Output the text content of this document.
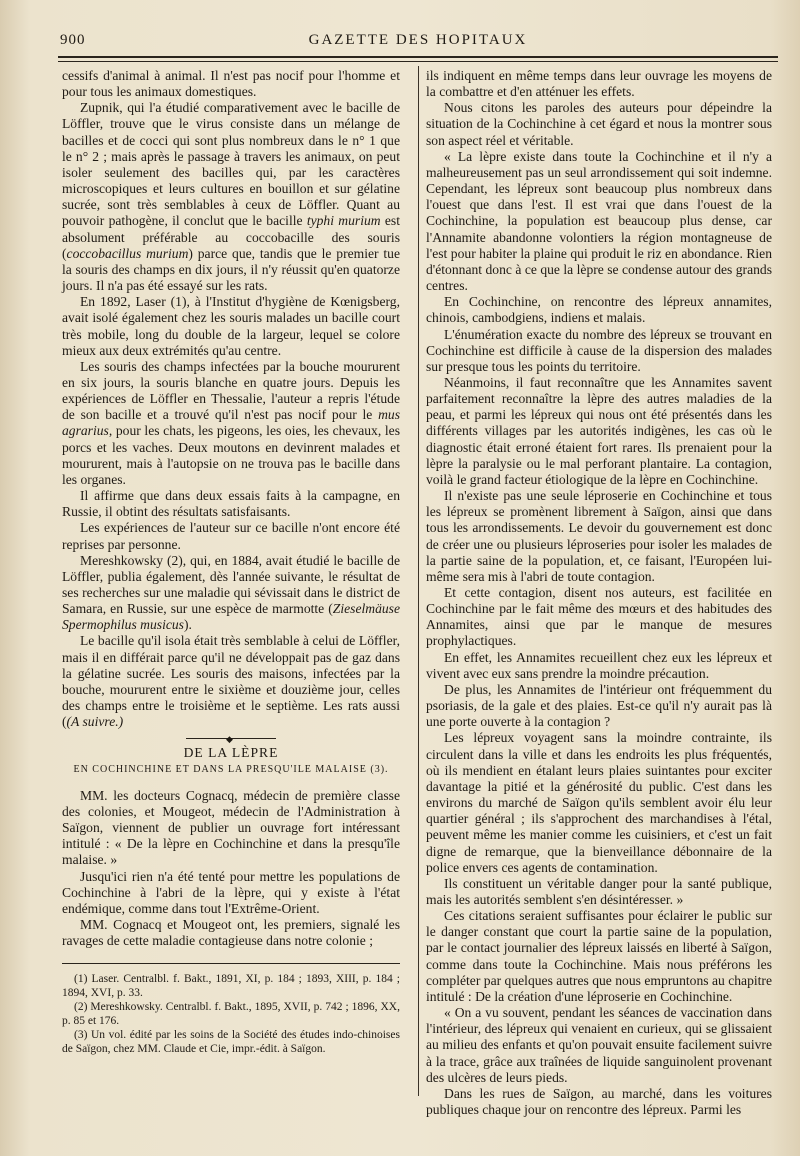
900	GAZETTE DES HOPITAUX

cessifs d'animal à animal. Il n'est pas nocif pour l'homme et pour tous les animaux domestiques.

Zupnik, qui l'a étudié comparativement avec le bacille de Löffler, trouve que le virus consiste dans un mélange de bacilles et de cocci qui sont plus nombreux dans le n° 1 que le n° 2 ; mais après le passage à travers les animaux, on peut isoler seulement des bacilles qui, par les caractères microscopiques et leurs cultures en bouillon et sur gélatine sucrée, sont très semblables à ceux de Löffler. Quant au pouvoir pathogène, il conclut que le bacille typhi murium est absolument préférable au coccobacille des souris (coccobacillus murium) parce que, tandis que le premier tue la souris des champs en dix jours, il n'y réussit qu'en quatorze jours. Il n'a pas été essayé sur les rats.

En 1892, Laser (1), à l'Institut d'hygiène de Kœnigsberg, avait isolé également chez les souris malades un bacille court très mobile, long du double de la largeur, lequel se colore mieux aux deux extrémités qu'au centre.

Les souris des champs infectées par la bouche moururent en six jours, la souris blanche en quatre jours. Depuis les expériences de Löffler en Thessalie, l'auteur a repris l'étude de son bacille et a trouvé qu'il n'est pas nocif pour le mus agrarius, pour les chats, les pigeons, les oies, les chevaux, les porcs et les vaches. Deux moutons en devinrent malades et moururent, mais à l'autopsie on ne trouva pas le bacille dans les organes.

Il affirme que dans deux essais faits à la campagne, en Russie, il obtint des résultats satisfaisants.

Les expériences de l'auteur sur ce bacille n'ont encore été reprises par personne.

Mereshkowsky (2), qui, en 1884, avait étudié le bacille de Löffler, publia également, dès l'année suivante, le résultat de ses recherches sur une maladie qui sévissait dans le district de Samara, en Russie, sur une espèce de marmotte (Zieselmäuse Spermophilus musicus).

Le bacille qu'il isola était très semblable à celui de Löffler, mais il en différait parce qu'il ne développait pas de gaz dans la gélatine sucrée. Les souris des maisons, infectées par la bouche, moururent entre le sixième et douzième jour, celles des champs entre le troisième et le septième. Les rats aussi ((A suivre.)

◆
DE LA LÈPRE
EN COCHINCHINE ET DANS LA PRESQU'ILE MALAISE (3).

MM. les docteurs Cognacq, médecin de première classe des colonies, et Mougeot, médecin de l'Administration à Saïgon, viennent de publier un ouvrage fort intéressant intitulé : « De la lèpre en Cochinchine et dans la presqu'île malaise. »

Jusqu'ici rien n'a été tenté pour mettre les populations de Cochinchine à l'abri de la lèpre, qui y existe à l'état endémique, comme dans tout l'Extrême-Orient.

MM. Cognacq et Mougeot ont, les premiers, signalé les ravages de cette maladie contagieuse dans notre colonie ;

(1) Laser. Centralbl. f. Bakt., 1891, XI, p. 184 ; 1893, XIII, p. 184 ; 1894, XVI, p. 33.

(2) Mereshkowsky. Centralbl. f. Bakt., 1895, XVII, p. 742 ; 1896, XX, p. 85 et 176.

(3) Un vol. édité par les soins de la Société des études indo-chinoises de Saïgon, chez MM. Claude et Cie, impr.-édit. à Saïgon.

ils indiquent en même temps dans leur ouvrage les moyens de la combattre et d'en atténuer les effets.

Nous citons les paroles des auteurs pour dépeindre la situation de la Cochinchine à cet égard et nous la montrer sous son aspect réel et véritable.

« La lèpre existe dans toute la Cochinchine et il n'y a malheureusement pas un seul arrondissement qui soit indemne. Cependant, les lépreux sont beaucoup plus nombreux dans l'ouest que dans l'est. Il est vrai que dans l'ouest de la Cochinchine, la population est beaucoup plus dense, car l'Annamite abandonne volontiers la région montagneuse de l'est pour habiter la plaine qui produit le riz en abondance. Rien d'étonnant donc à ce que la lèpre se condense autour des grands centres.

En Cochinchine, on rencontre des lépreux annamites, chinois, cambodgiens, indiens et malais.

L'énumération exacte du nombre des lépreux se trouvant en Cochinchine est difficile à cause de la dispersion des malades sur presque tous les points du territoire.

Néanmoins, il faut reconnaître que les Annamites savent parfaitement reconnaître la lèpre des autres maladies de la peau, et parmi les lépreux qui nous ont été présentés dans les différents villages par les autorités indigènes, les cas où le diagnostic était erroné étaient fort rares. Ils prenaient pour la lèpre la paralysie ou le mal perforant plantaire. La contagion, voilà le grand facteur étiologique de la lèpre en Cochinchine.

Il n'existe pas une seule léproserie en Cochinchine et tous les lépreux se promènent librement à Saïgon, ainsi que dans tous les arrondissements. Le devoir du gouvernement est donc de créer une ou plusieurs léproseries pour isoler les malades de la partie saine de la population, et, ce faisant, l'Européen lui-même sera mis à l'abri de toute contagion.

Et cette contagion, disent nos auteurs, est facilitée en Cochinchine par le fait même des mœurs et des habitudes des Annamites, ainsi que par le manque de mesures prophylactiques.

En effet, les Annamites recueillent chez eux les lépreux et vivent avec eux sans prendre la moindre précaution.

De plus, les Annamites de l'intérieur ont fréquemment du psoriasis, de la gale et des plaies. Est-ce qu'il n'y aurait pas là une porte ouverte à la contagion ?

Les lépreux voyagent sans la moindre contrainte, ils circulent dans la ville et dans les endroits les plus fréquentés, où ils mendient en étalant leurs plaies suintantes pour exciter davantage la pitié et la générosité du public. C'est dans les environs du marché de Saïgon qu'ils semblent avoir élu leur quartier général ; ils s'approchent des marchandises à l'étal, peuvent même les manier comme les cuisiniers, et c'est un fait digne de remarque, que la bienveillance débonnaire de la police envers ces agents de contamination.

Ils constituent un véritable danger pour la santé publique, mais les autorités semblent s'en désintéresser. »

Ces citations seraient suffisantes pour éclairer le public sur le danger constant que court la partie saine de la population, par le contact journalier des lépreux laissés en liberté à Saïgon, comme dans toute la Cochinchine. Mais nous préférons les compléter par quelques autres que nous empruntons au chapitre intitulé : De la création d'une léproserie en Cochinchine.

« On a vu souvent, pendant les séances de vaccination dans l'intérieur, des lépreux qui venaient en curieux, qui se glissaient au milieu des enfants et qu'on pouvait ensuite facilement suivre à la trace, grâce aux traînées de liquide sanguinolent provenant des ulcères de leurs pieds.

Dans les rues de Saïgon, au marché, dans les voitures publiques chaque jour on rencontre des lépreux. Parmi les
